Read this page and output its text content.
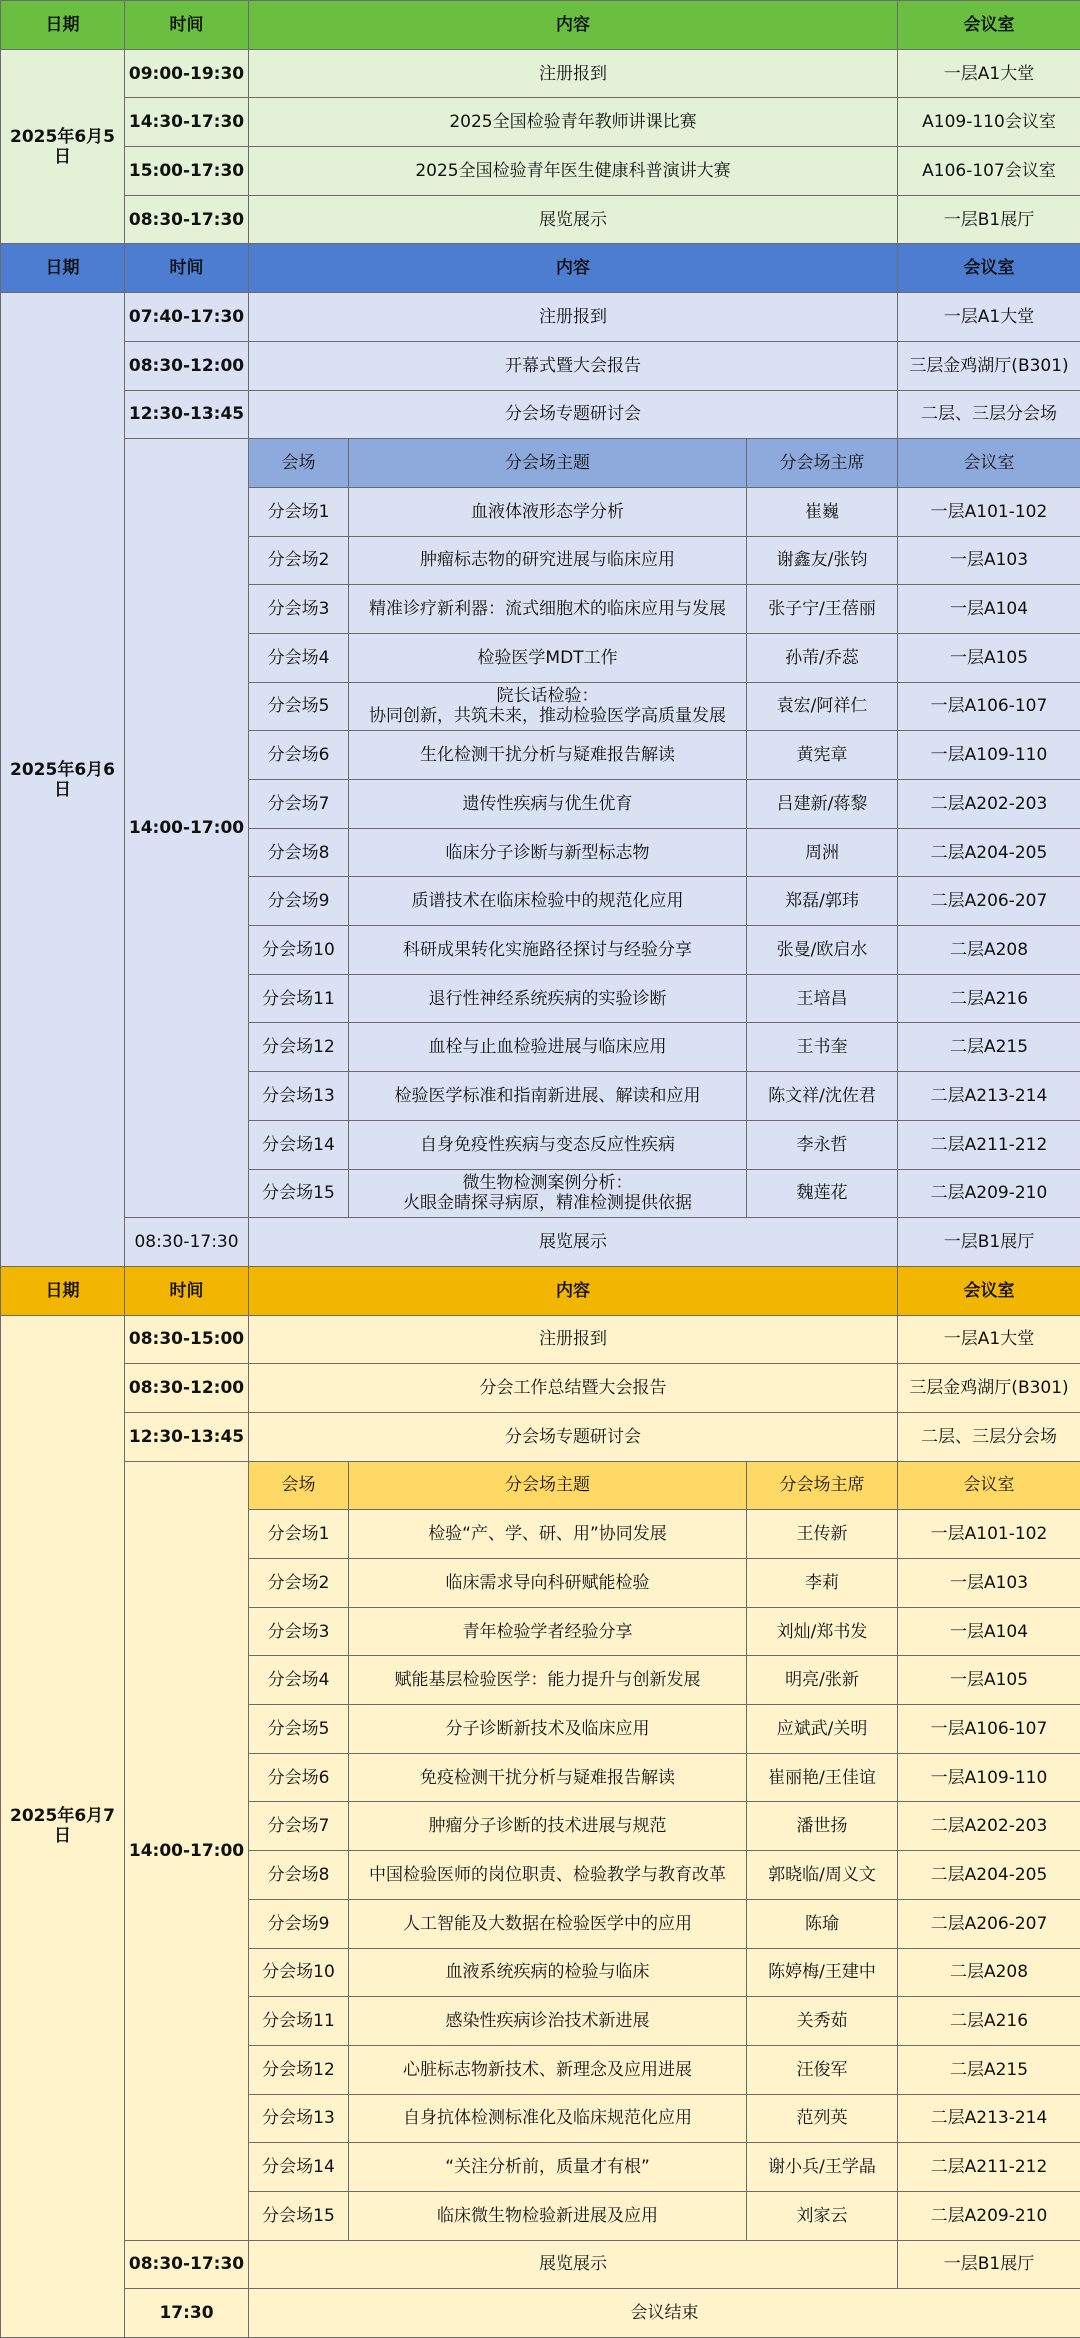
日期	时间	内容			会议室
2025年6月5日	09:00-19:30	注册报到			一层A1大堂
	14:30-17:30	2025全国检验青年教师讲课比赛			A109-110会议室
	15:00-17:30	2025全国检验青年医生健康科普演讲大赛			A106-107会议室
	08:30-17:30	展览展示			一层B1展厅
日期	时间	内容			会议室
2025年6月6日	07:40-17:30	注册报到			一层A1大堂
	08:30-12:00	开幕式暨大会报告			三层金鸡湖厅(B301)
	12:30-13:45	分会场专题研讨会			二层、三层分会场
	14:00-17:00	会场	分会场主题	分会场主席	会议室
		分会场1	血液体液形态学分析	崔巍	一层A101-102
		分会场2	肿瘤标志物的研究进展与临床应用	谢鑫友/张钧	一层A103
		分会场3	精准诊疗新利器：流式细胞术的临床应用与发展	张子宁/王蓓丽	一层A104
		分会场4	检验医学MDT工作	孙芾/乔蕊	一层A105
		分会场5	院长话检验：
协同创新，共筑未来，推动检验医学高质量发展	袁宏/阿祥仁	一层A106-107
		分会场6	生化检测干扰分析与疑难报告解读	黄宪章	一层A109-110
		分会场7	遗传性疾病与优生优育	吕建新/蒋黎	二层A202-203
		分会场8	临床分子诊断与新型标志物	周洲	二层A204-205
		分会场9	质谱技术在临床检验中的规范化应用	郑磊/郭玮	二层A206-207
		分会场10	科研成果转化实施路径探讨与经验分享	张曼/欧启水	二层A208
		分会场11	退行性神经系统疾病的实验诊断	王培昌	二层A216
		分会场12	血栓与止血检验进展与临床应用	王书奎	二层A215
		分会场13	检验医学标准和指南新进展、解读和应用	陈文祥/沈佐君	二层A213-214
		分会场14	自身免疫性疾病与变态反应性疾病	李永哲	二层A211-212
		分会场15	微生物检测案例分析：
火眼金睛探寻病原，精准检测提供依据	魏莲花	二层A209-210
	08:30-17:30	展览展示			一层B1展厅
日期	时间	内容			会议室
2025年6月7日	08:30-15:00	注册报到			一层A1大堂
	08:30-12:00	分会工作总结暨大会报告			三层金鸡湖厅(B301)
	12:30-13:45	分会场专题研讨会			二层、三层分会场
	14:00-17:00	会场	分会场主题	分会场主席	会议室
		分会场1	检验“产、学、研、用”协同发展	王传新	一层A101-102
		分会场2	临床需求导向科研赋能检验	李莉	一层A103
		分会场3	青年检验学者经验分享	刘灿/郑书发	一层A104
		分会场4	赋能基层检验医学：能力提升与创新发展	明亮/张新	一层A105
		分会场5	分子诊断新技术及临床应用	应斌武/关明	一层A106-107
		分会场6	免疫检测干扰分析与疑难报告解读	崔丽艳/王佳谊	一层A109-110
		分会场7	肿瘤分子诊断的技术进展与规范	潘世扬	二层A202-203
		分会场8	中国检验医师的岗位职责、检验教学与教育改革	郭晓临/周义文	二层A204-205
		分会场9	人工智能及大数据在检验医学中的应用	陈瑜	二层A206-207
		分会场10	血液系统疾病的检验与临床	陈婷梅/王建中	二层A208
		分会场11	感染性疾病诊治技术新进展	关秀茹	二层A216
		分会场12	心脏标志物新技术、新理念及应用进展	汪俊军	二层A215
		分会场13	自身抗体检测标准化及临床规范化应用	范列英	二层A213-214
		分会场14	“关注分析前，质量才有根”	谢小兵/王学晶	二层A211-212
		分会场15	临床微生物检验新进展及应用	刘家云	二层A209-210
	08:30-17:30	展览展示			一层B1展厅
	17:30	会议结束			
